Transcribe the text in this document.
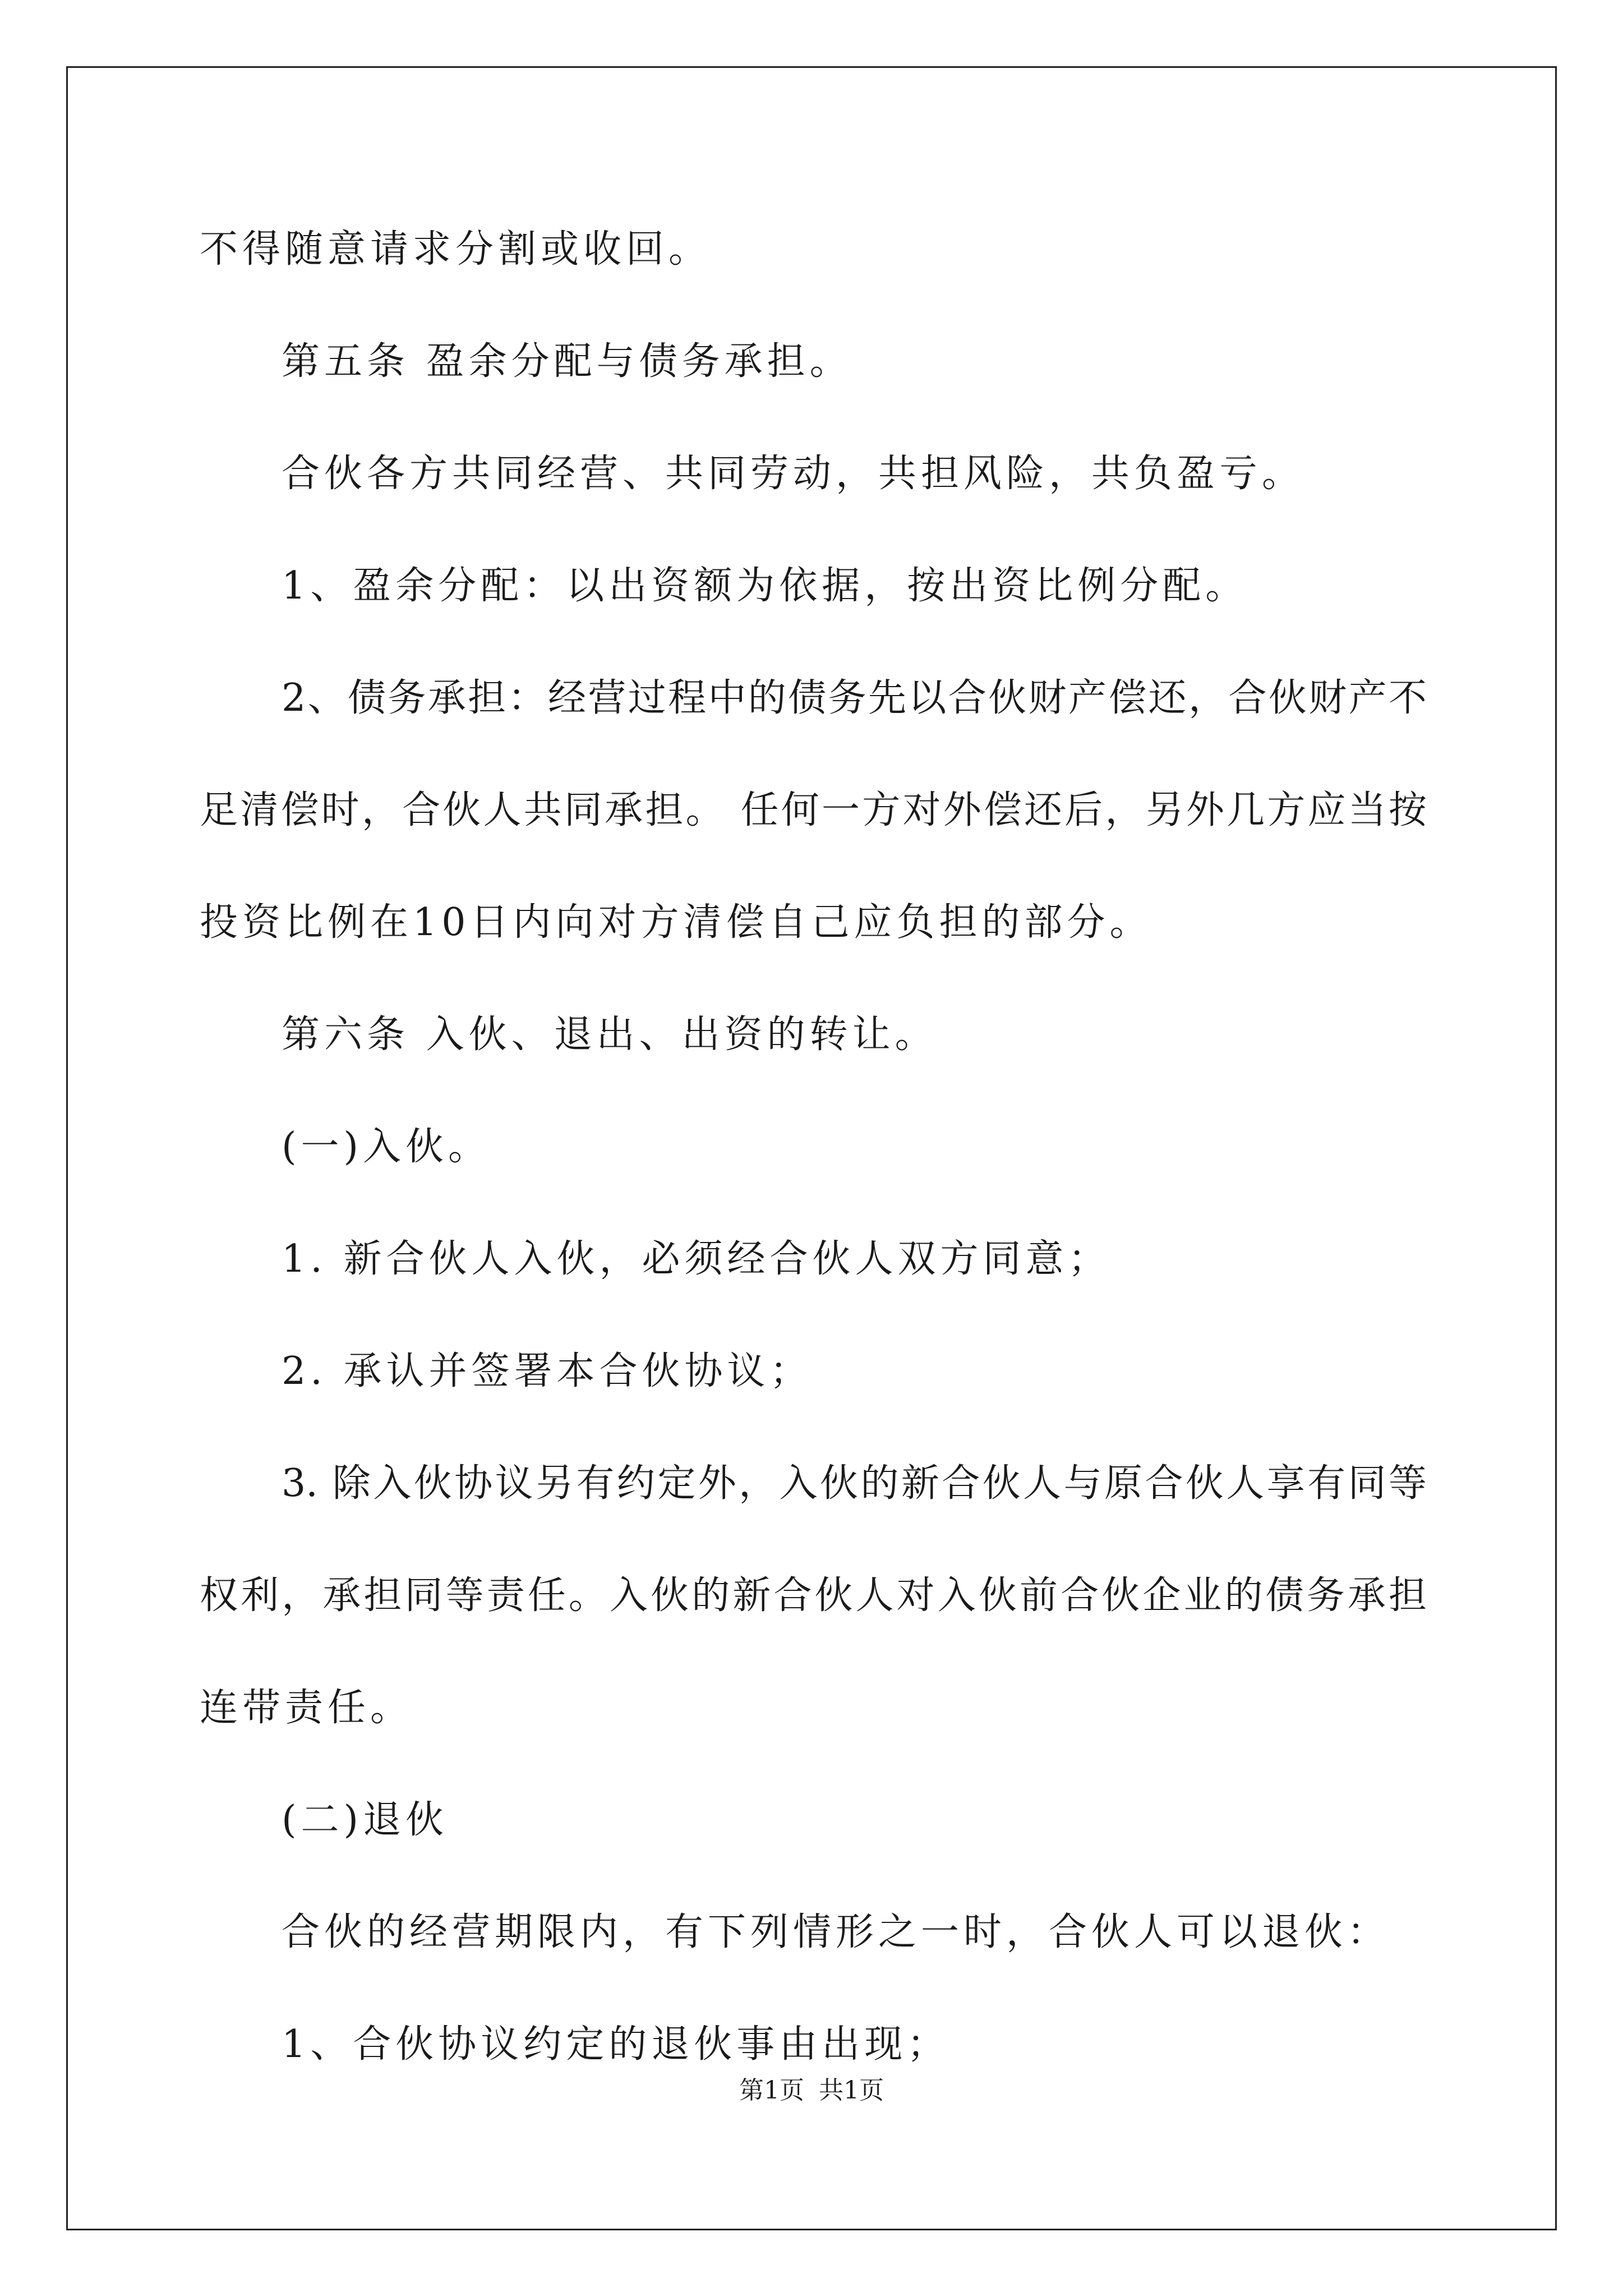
不得随意请求分割或收回。
第五条 盈余分配与债务承担。
合伙各方共同经营、共同劳动，共担风险，共负盈亏。
1、盈余分配：以出资额为依据，按出资比例分配。
2、债务承担：经营过程中的债务先以合伙财产偿还，合伙财产不
足清偿时，合伙人共同承担。 任何一方对外偿还后，另外几方应当按
投资比例在10日内向对方清偿自己应负担的部分。
第六条 入伙、退出、出资的转让。
(一)入伙。
1. 新合伙人入伙，必须经合伙人双方同意；
2. 承认并签署本合伙协议；
3. 除入伙协议另有约定外，入伙的新合伙人与原合伙人享有同等
权利，承担同等责任。入伙的新合伙人对入伙前合伙企业的债务承担
连带责任。
(二)退伙
合伙的经营期限内，有下列情形之一时，合伙人可以退伙：
1、合伙协议约定的退伙事由出现；
第1页 共1页
